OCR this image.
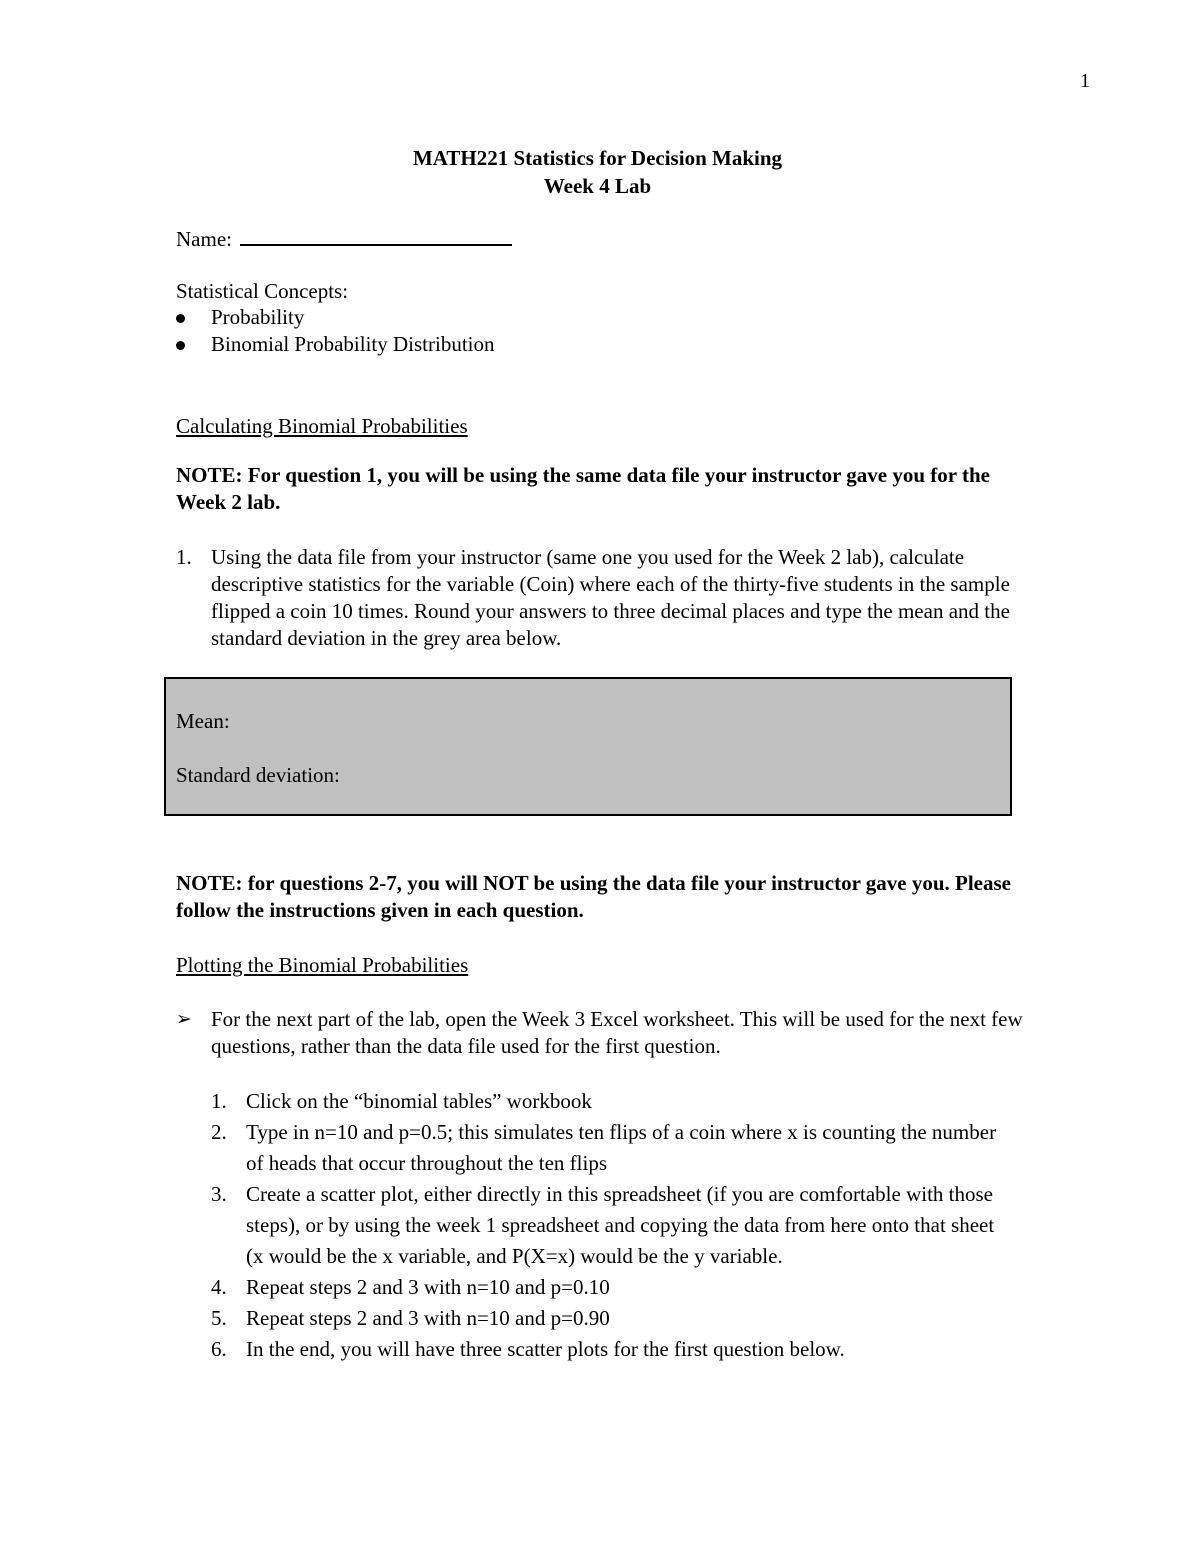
1
MATH221 Statistics for Decision Making
Week 4 Lab
Name:
Statistical Concepts:
Probability
Binomial Probability Distribution
Calculating Binomial Probabilities
NOTE: For question 1, you will be using the same data file your instructor gave you for the Week 2 lab.
1. Using the data file from your instructor (same one you used for the Week 2 lab), calculate descriptive statistics for the variable (Coin) where each of the thirty-five students in the sample flipped a coin 10 times. Round your answers to three decimal places and type the mean and the standard deviation in the grey area below.
Mean:
Standard deviation:
NOTE: for questions 2-7, you will NOT be using the data file your instructor gave you. Please follow the instructions given in each question.
Plotting the Binomial Probabilities
➢ For the next part of the lab, open the Week 3 Excel worksheet. This will be used for the next few questions, rather than the data file used for the first question.
1. Click on the “binomial tables” workbook
2. Type in n=10 and p=0.5; this simulates ten flips of a coin where x is counting the number of heads that occur throughout the ten flips
3. Create a scatter plot, either directly in this spreadsheet (if you are comfortable with those steps), or by using the week 1 spreadsheet and copying the data from here onto that sheet (x would be the x variable, and P(X=x) would be the y variable.
4. Repeat steps 2 and 3 with n=10 and p=0.10
5. Repeat steps 2 and 3 with n=10 and p=0.90
6. In the end, you will have three scatter plots for the first question below.
